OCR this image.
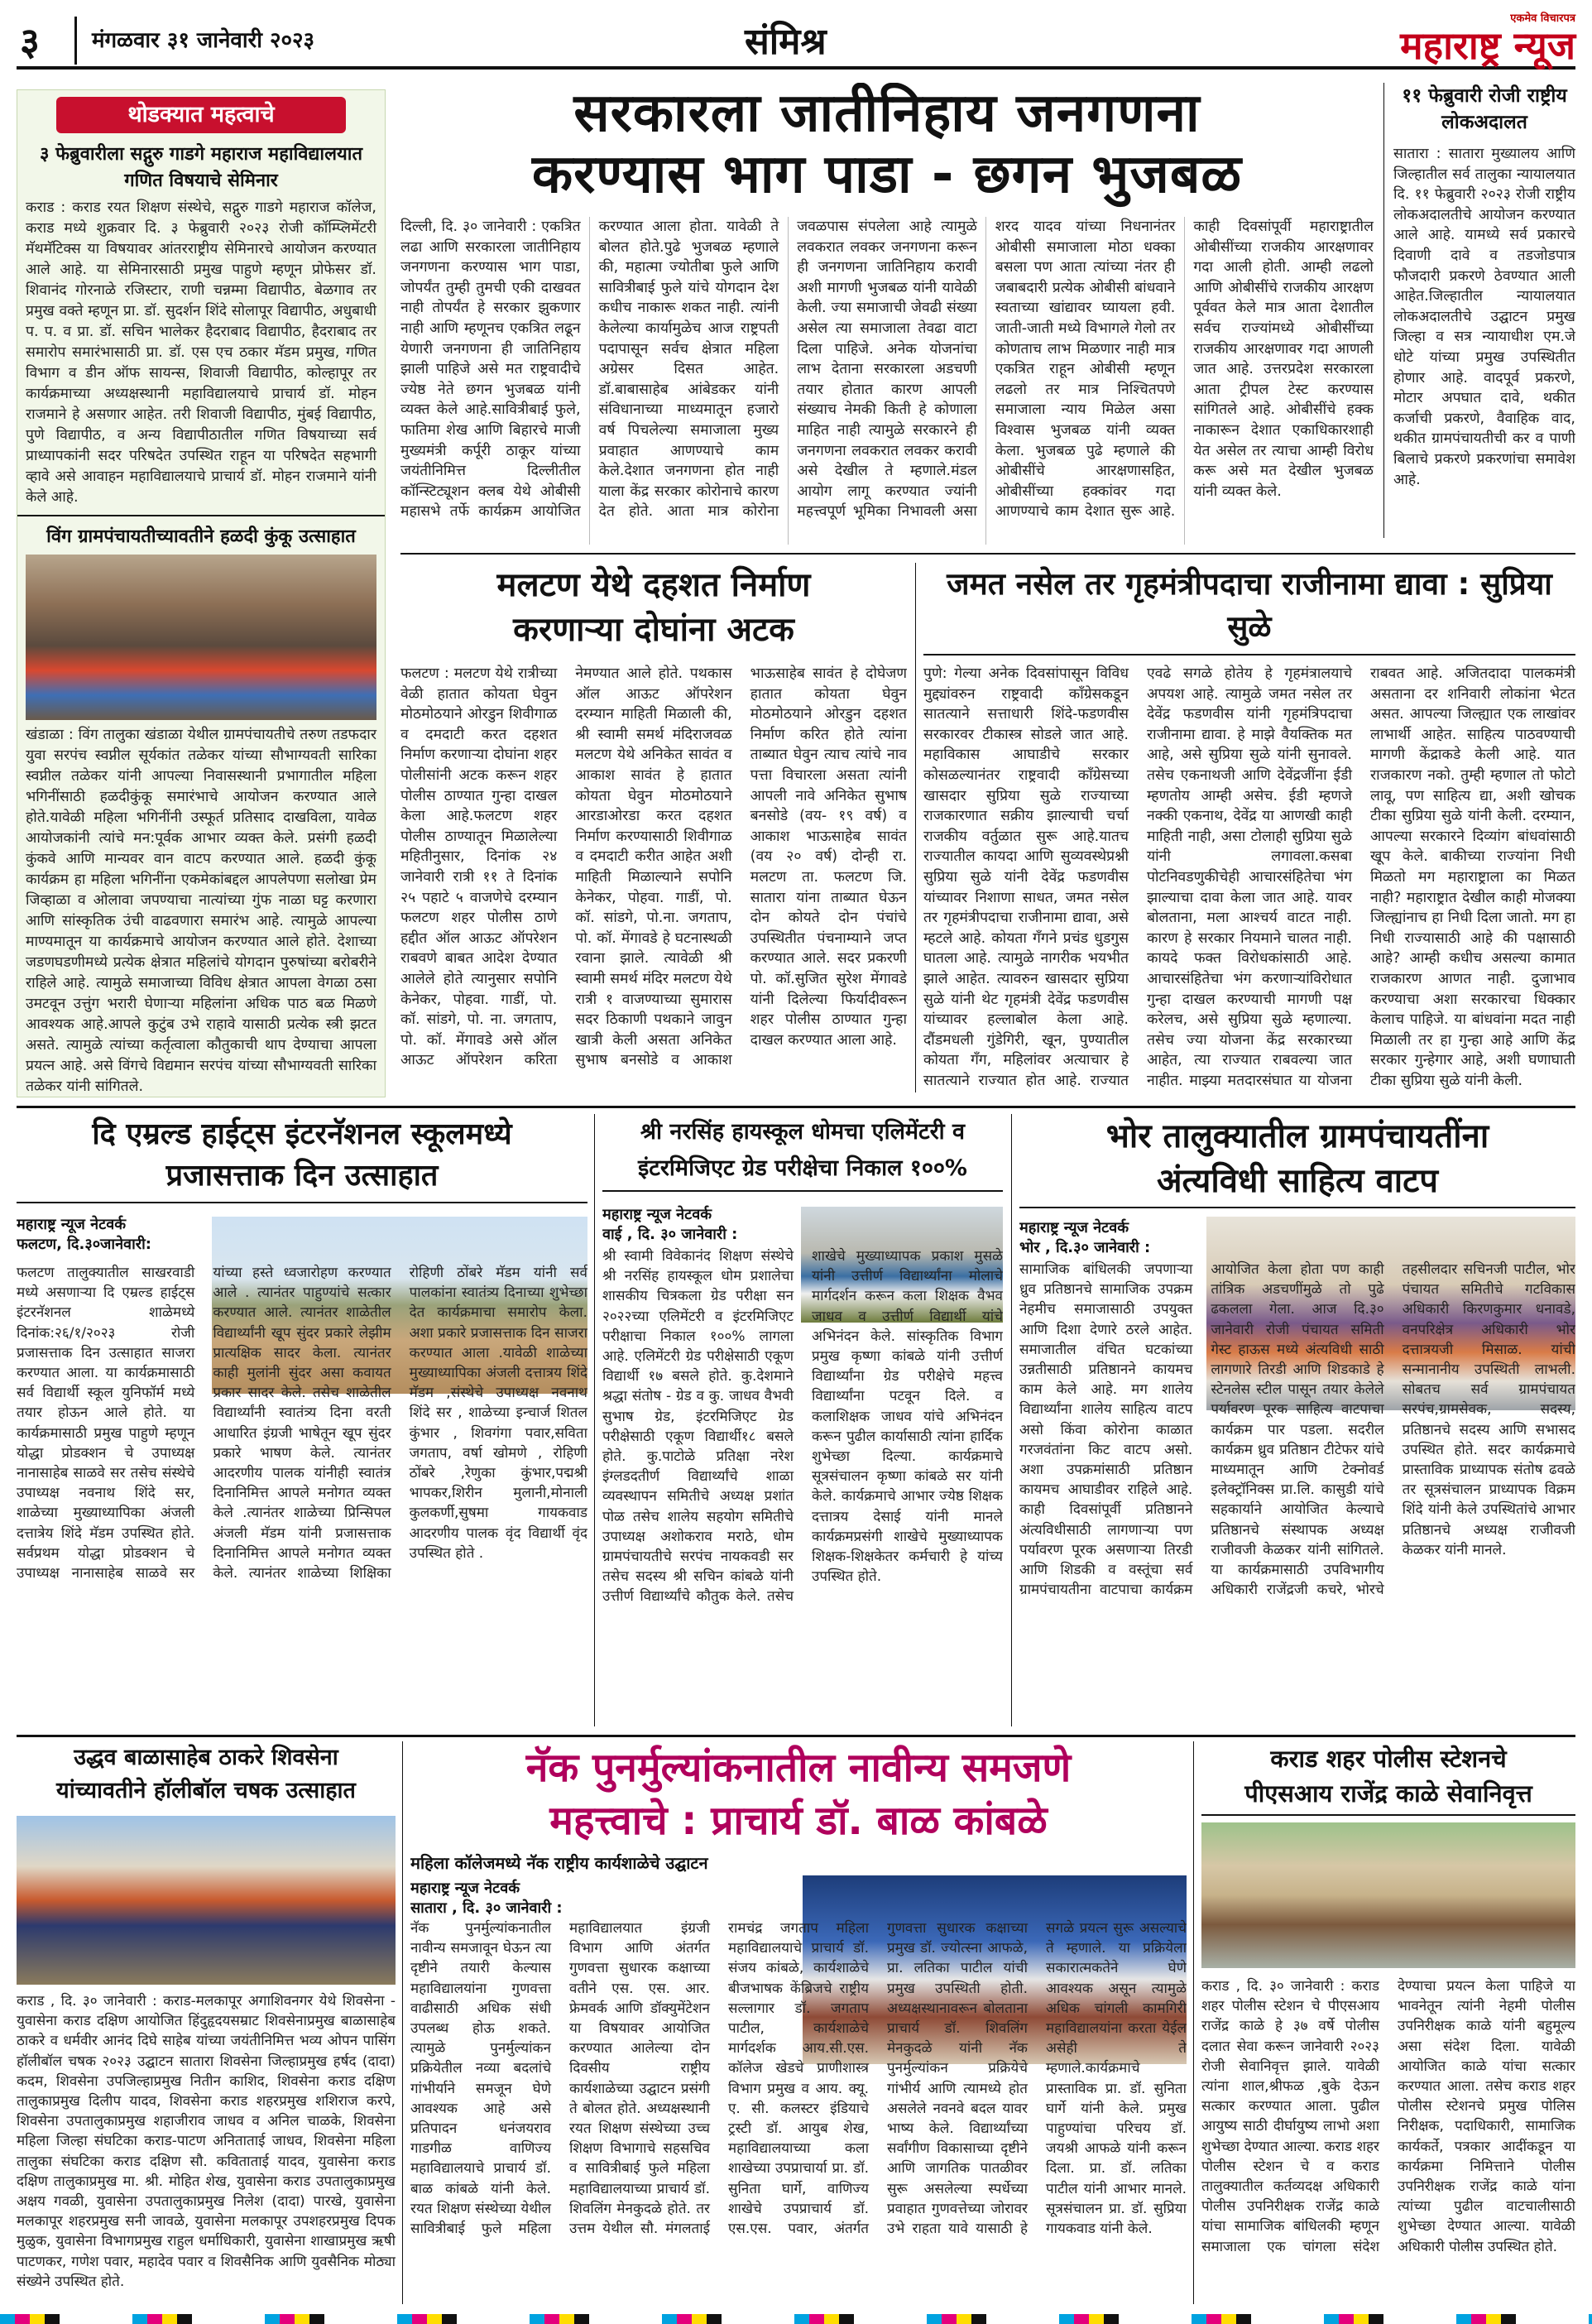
३	मंगळवार ३१ जानेवारी २०२३	संमिश्र
एकमेव विचारपत्र
महाराष्ट्र न्यूज
थोडक्यात महत्वाचे
३ फेब्रुवारीला सद्गुरु गाडगे महाराज महाविद्यालयात गणित विषयाचे सेमिनार
कराड : कराड रयत शिक्षण संस्थेचे, सद्गुरु गाडगे महाराज कॉलेज, कराड मध्ये शुक्रवार दि. ३ फेब्रुवारी २०२३ रोजी कॉम्प्लिमेंटरी मॅथमॅटिक्स या विषयावर आंतरराष्ट्रीय सेमिनारचे आयोजन करण्यात आले आहे. या सेमिनारसाठी प्रमुख पाहुणे म्हणून प्रोफेसर डॉ. शिवानंद गोरनाळे रजिस्टार, राणी चन्नम्मा विद्यापीठ, बेळगाव तर प्रमुख वक्ते म्हणून प्रा. डॉ. सुदर्शन शिंदे सोलापूर विद्यापीठ, अधुबाधी प. प. व प्रा. डॉ. सचिन भालेकर हैदराबाद विद्यापीठ, हैदराबाद तर समारोप समारंभासाठी प्रा. डॉ. एस एच ठकार मॅडम प्रमुख, गणित विभाग व डीन ऑफ सायन्स, शिवाजी विद्यापीठ, कोल्हापूर तर कार्यक्रमाच्या अध्यक्षस्थानी महाविद्यालयाचे प्राचार्य डॉ. मोहन राजमाने हे असणार आहेत. तरी शिवाजी विद्यापीठ, मुंबई विद्यापीठ, पुणे विद्यापीठ, व अन्य विद्यापीठातील गणित विषयाच्या सर्व प्राध्यापकांनी सदर परिषदेत उपस्थित राहून या परिषदेत सहभागी व्हावे असे आवाहन महाविद्यालयाचे प्राचार्य डॉ. मोहन राजमाने यांनी केले आहे.
विंग ग्रामपंचायतीच्यावतीने हळदी कुंकू उत्साहात
खंडाळा : विंग तालुका खंडाळा येथील ग्रामपंचायतीचे तरुण तडफदार युवा सरपंच स्वप्नील सूर्यकांत तळेकर यांच्या सौभाग्यवती सारिका स्वप्नील तळेकर यांनी आपल्या निवासस्थानी प्रभागातील महिला भगिनींसाठी हळदीकुंकू समारंभाचे आयोजन करण्यात आले होते.यावेळी महिला भगिनींनी उस्फूर्त प्रतिसाद दाखविला, यावेळ आयोजकांनी त्यांचे मन:पूर्वक आभार व्यक्त केले. प्रसंगी हळदी कुंकवे आणि मान्यवर वान वाटप करण्यात आले. हळदी कुंकू कार्यक्रम हा महिला भगिनींना एकमेकांबद्दल आपलेपणा सलोखा प्रेम जिव्हाळा व ओलावा जपण्याचा नात्यांच्या गुंफ नाळा घट्ट करणारा आणि सांस्कृतिक उंची वाढवणारा समारंभ आहे. त्यामुळे आपल्या माण्यमातून या कार्यक्रमाचे आयोजन करण्यात आले होते. देशाच्या जडणघडणीमध्ये प्रत्येक क्षेत्रात महिलांचे योगदान पुरुषांच्या बरोबरीने राहिले आहे. त्यामुळे समाजाच्या विविध क्षेत्रात आपला वेगळा ठसा उमटवून उत्तुंग भरारी घेणाऱ्या महिलांना अधिक पाठ बळ मिळणे आवश्यक आहे.आपले कुटुंब उभे राहावे यासाठी प्रत्येक स्त्री झटत असते. त्यामुळे त्यांच्या कर्तृत्वाला कौतुकाची थाप देण्याचा आपला प्रयत्न आहे. असे विंगचे विद्यमान सरपंच यांच्या सौभाग्यवती सारिका तळेकर यांनी सांगितले.
सरकारला जातीनिहाय जनगणना
करण्यास भाग पाडा - छगन भुजबळ
दिल्ली, दि. ३० जानेवारी : एकत्रित लढा आणि सरकारला जातीनिहाय जनगणना करण्यास भाग पाडा, जोपर्यंत तुम्ही तुमची एकी दाखवत नाही तोपर्यंत हे सरकार झुकणार नाही आणि म्हणूनच एकत्रित लढून येणारी जनगणना ही जातिनिहाय झाली पाहिजे असे मत राष्ट्रवादीचे ज्येष्ठ नेते छगन भुजबळ यांनी व्यक्त केले आहे.सावित्रीबाई फुले, फातिमा शेख आणि बिहारचे माजी मुख्यमंत्री कर्पूरी ठाकूर यांच्या जयंतीनिमित्त दिल्लीतील कॉन्स्टिट्यूशन क्लब येथे ओबीसी महासभे तर्फे कार्यक्रम आयोजित करण्यात आला होता. यावेळी ते बोलत होते.पुढे भुजबळ म्हणाले की, महात्मा ज्योतीबा फुले आणि सावित्रीबाई फुले यांचे योगदान देश कधीच नाकारू शकत नाही. त्यांनी केलेल्या कार्यामुळेच आज राष्ट्रपती पदापासून सर्वच क्षेत्रात महिला अग्रेसर दिसत आहेत. डॉ.बाबासाहेब आंबेडकर यांनी संविधानाच्या माध्यमातून हजारो वर्ष पिचलेल्या समाजाला मुख्य प्रवाहात आणण्याचे काम केले.देशात जनगणना होत नाही याला केंद्र सरकार कोरोनाचे कारण देत होते. आता मात्र कोरोना जवळपास संपलेला आहे त्यामुळे लवकरात लवकर जनगणना करून ही जनगणना जातिनिहाय करावी अशी मागणी भुजबळ यांनी यावेळी केली. ज्या समाजाची जेवढी संख्या असेल त्या समाजाला तेवढा वाटा दिला पाहिजे. अनेक योजनांचा लाभ देताना सरकारला अडचणी तयार होतात कारण आपली संख्याच नेमकी किती हे कोणाला माहित नाही त्यामुळे सरकारने ही जनगणना लवकरात लवकर करावी असे देखील ते म्हणाले.मंडल आयोग लागू करण्यात ज्यांनी महत्त्वपूर्ण भूमिका निभावली असा शरद यादव यांच्या निधनानंतर ओबीसी समाजाला मोठा धक्का बसला पण आता त्यांच्या नंतर ही जबाबदारी प्रत्येक ओबीसी बांधवाने स्वताच्या खांद्यावर घ्यायला हवी. जाती-जाती मध्ये विभागले गेलो तर कोणताच लाभ मिळणार नाही मात्र एकत्रित राहून ओबीसी म्हणून लढलो तर मात्र निश्चितपणे समाजाला न्याय मिळेल असा विश्वास भुजबळ यांनी व्यक्त केला. भुजबळ पुढे म्हणाले की ओबीसींचे आरक्षणासहित, ओबीसींच्या हक्कांवर गदा आणण्याचे काम देशात सुरू आहे. काही दिवसांपूर्वी महाराष्ट्रातील ओबीसींच्या राजकीय आरक्षणावर गदा आली होती. आम्ही लढलो आणि ओबीसींचे राजकीय आरक्षण पूर्ववत केले मात्र आता देशातील सर्वच राज्यांमध्ये ओबीसींच्या राजकीय आरक्षणावर गदा आणली जात आहे. उत्तरप्रदेश सरकारला आता ट्रीपल टेस्ट करण्यास सांगितले आहे. ओबीसींचे हक्क नाकारून देशात एकाधिकारशाही येत असेल तर त्याचा आम्ही विरोध करू असे मत देखील भुजबळ यांनी व्यक्त केले.
११ फेब्रुवारी रोजी राष्ट्रीय लोकअदालत
सातारा : सातारा मुख्यालय आणि जिल्हातील सर्व तालुका न्यायालयात दि. ११ फेब्रुवारी २०२३ रोजी राष्ट्रीय लोकअदालतीचे आयोजन करण्यात आले आहे. यामध्ये सर्व प्रकारचे दिवाणी दावे व तडजोडपात्र फौजदारी प्रकरणे ठेवण्यात आली आहेत.जिल्हातील न्यायालयात लोकअदालतीचे उद्घाटन प्रमुख जिल्हा व सत्र न्यायाधीश एम.जे धोटे यांच्या प्रमुख उपस्थितीत होणार आहे. वादपूर्व प्रकरणे, मोटार अपघात दावे, थकीत कर्जाची प्रकरणे, वैवाहिक वाद, थकीत ग्रामपंचायतीची कर व पाणी बिलाचे प्रकरणे प्रकरणांचा समावेश आहे.
मलटण येथे दहशत निर्माण
करणाऱ्या दोघांना अटक
फलटण : मलटण येथे रात्रीच्या वेळी हातात कोयता घेवुन मोठमोठयाने ओरडुन शिवीगाळ व दमदाटी करत दहशत निर्माण करणाऱ्या दोघांना शहर पोलीसांनी अटक करून शहर पोलीस ठाण्यात गुन्हा दाखल केला आहे.फलटण शहर पोलीस ठाण्यातून मिळालेल्या महितीनुसार, दिनांक २४ जानेवारी रात्री ११ ते दिनांक २५ पहाटे ५ वाजणेचे दरम्यान फलटण शहर पोलीस ठाणे हद्दीत ऑल आऊट ऑपरेशन राबवणे बाबत आदेश देण्यात आलेले होते त्यानुसार सपोनि केनेकर, पोहवा. गाडीं, पो. कॉ. सांडगे, पो. ना. जगताप, पो. कॉ. मेंगावडे असे ऑल आऊट ऑपरेशन करिता नेमण्यात आले होते. पथकास ऑल आऊट ऑपरेशन दरम्यान माहिती मिळाली की, श्री स्वामी समर्थ मंदिराजवळ मलटण येथे अनिकेत सावंत व आकाश सावंत हे हातात कोयता घेवुन मोठमोठयाने आरडाओरडा करत दहशत निर्माण करण्यासाठी शिवीगाळ व दमदाटी करीत आहेत अशी माहिती मिळाल्याने सपोनि केनेकर, पोहवा. गाडीं, पो. कॉ. सांडगे, पो.ना. जगताप, पो. कॉ. मेंगावडे हे घटनास्थळी रवाना झाले. त्यावेळी श्री स्वामी समर्थ मंदिर मलटण येथे रात्री १ वाजण्याच्या सुमारास सदर ठिकाणी पथकाने जावुन खात्री केली असता अनिकेत सुभाष बनसोडे व आकाश भाऊसाहेब सावंत हे दोघेजण हातात कोयता घेवुन मोठमोठयाने ओरडुन दहशत निर्माण करित होते त्यांना ताब्यात घेवुन त्याच त्यांचे नाव पत्ता विचारला असता त्यांनी आपली नावे अनिकेत सुभाष बनसोडे (वय- १९ वर्ष) व आकाश भाऊसाहेब सावंत (वय २० वर्ष) दोन्ही रा. मलटण ता. फलटण जि. सातारा यांना ताब्यात घेऊन दोन कोयते दोन पंचांचे उपस्थितीत पंचनाम्याने जप्त करण्यात आले. सदर प्रकरणी पो. कॉ.सुजित सुरेश मेंगावडे यांनी दिलेल्या फिर्यादीवरून शहर पोलीस ठाण्यात गुन्हा दाखल करण्यात आला आहे.
जमत नसेल तर गृहमंत्रीपदाचा राजीनामा द्यावा : सुप्रिया सुळे
पुणे: गेल्या अनेक दिवसांपासून विविध मुद्द्यांवरुन राष्ट्रवादी काँग्रेसकडून सातत्याने सत्ताधारी शिंदे-फडणवीस सरकारवर टीकास्त्र सोडले जात आहे. महाविकास आघाडीचे सरकार कोसळल्यानंतर राष्ट्रवादी काँग्रेसच्या खासदार सुप्रिया सुळे राज्याच्या राजकारणात सक्रीय झाल्याची चर्चा राजकीय वर्तुळात सुरू आहे.यातच राज्यातील कायदा आणि सुव्यवस्थेप्रश्नी सुप्रिया सुळे यांनी देवेंद्र फडणवीस यांच्यावर निशाणा साधत, जमत नसेल तर गृहमंत्रीपदाचा राजीनामा द्यावा, असे म्हटले आहे. कोयता गँगने प्रचंड धुडगुस घातला आहे. त्यामुळे नागरीक भयभीत झाले आहेत. त्यावरुन खासदार सुप्रिया सुळे यांनी थेट गृहमंत्री देवेंद्र फडणवीस यांच्यावर हल्लाबोल केला आहे. दौंडमधली गुंडेगिरी, खून, पुण्यातील कोयता गँग, महिलांवर अत्याचार हे सातत्याने राज्यात होत आहे. राज्यात एवढे सगळे होतेय हे गृहमंत्रालयाचे अपयश आहे. त्यामुळे जमत नसेल तर देवेंद्र फडणवीस यांनी गृहमंत्रिपदाचा राजीनामा द्यावा. हे माझे वैयक्तिक मत आहे, असे सुप्रिया सुळे यांनी सुनावले. तसेच एकनाथजी आणि देवेंद्रजींना ईडी म्हणतोय आम्ही असेच. ईडी म्हणजे नक्की एकनाथ, देवेंद्र या आणखी काही माहिती नाही, असा टोलाही सुप्रिया सुळे यांनी लगावला.कसबा पोटनिवडणुकीचेही आचारसंहितेचा भंग झाल्याचा दावा केला जात आहे. यावर बोलताना, मला आश्चर्य वाटत नाही. कारण हे सरकार नियमाने चालत नाही. कायदे फक्त विरोधकांसाठी आहे. आचारसंहितेचा भंग करणाऱ्यांविरोधात गुन्हा दाखल करण्याची मागणी पक्ष करेलच, असे सुप्रिया सुळे म्हणाल्या. तसेच ज्या योजना केंद्र सरकारच्या आहेत, त्या राज्यात राबवल्या जात नाहीत. माझ्या मतदारसंघात या योजना राबवत आहे. अजितदादा पालकमंत्री असताना दर शनिवारी लोकांना भेटत असत. आपल्या जिल्ह्यात एक लाखांवर लाभार्थी आहेत. साहित्य पाठवण्याची मागणी केंद्राकडे केली आहे. यात राजकारण नको. तुम्ही म्हणाल तो फोटो लावू, पण साहित्य द्या, अशी खोचक टीका सुप्रिया सुळे यांनी केली. दरम्यान, आपल्या सरकारने दिव्यांग बांधवांसाठी खूप केले. बाकीच्या राज्यांना निधी मिळतो मग महाराष्ट्राला का मिळत नाही? महाराष्ट्रात देखील काही मोजक्या जिल्ह्यांनाच हा निधी दिला जातो. मग हा निधी राज्यासाठी आहे की पक्षासाठी आहे? आम्ही कधीच असल्या कामात राजकारण आणत नाही. दुजाभाव करण्याचा अशा सरकारचा धिक्कार केलाच पाहिजे. या बांधवांना मदत नाही मिळाली तर हा गुन्हा आहे आणि केंद्र सरकार गुन्हेगार आहे, अशी घणाघाती टीका सुप्रिया सुळे यांनी केली.
दि एम्रल्ड हाईट्स इंटरनॅशनल स्कूलमध्ये
प्रजासत्ताक दिन उत्साहात
महाराष्ट्र न्यूज नेटवर्क
फलटण, दि.३०जानेवारी:
फलटण तालुक्यातील साखरवाडी मध्ये असणाऱ्या दि एम्रल्ड हाईट्स इंटरनॅशनल शाळेमध्ये दिनांक:२६/१/२०२३ रोजी प्रजासत्ताक दिन उत्साहात साजरा करण्यात आला. या कार्यक्रमासाठी सर्व विद्यार्थी स्कूल युनिफॉर्म मध्ये तयार होऊन आले होते. या कार्यक्रमासाठी प्रमुख पाहुणे म्हणून योद्धा प्रोडक्शन चे उपाध्यक्ष नानासाहेब साळवे सर तसेच संस्थेचे उपाध्यक्ष नवनाथ शिंदे सर, शाळेच्या मुख्याध्यापिका अंजली दत्तात्रेय शिंदे मॅडम उपस्थित होते. सर्वप्रथम योद्धा प्रोडक्शन चे उपाध्यक्ष नानासाहेब साळवे सर यांच्या हस्ते ध्वजारोहण करण्यात आले . त्यानंतर पाहुण्यांचे सत्कार करण्यात आले. त्यानंतर शाळेतील विद्यार्थ्यांनी खूप सुंदर प्रकारे लेझीम प्रात्यक्षिक सादर केला. त्यानंतर काही मुलांनी सुंदर असा कवायत प्रकार सादर केले. तसेच शाळेतील विद्यार्थ्यांनी स्वातंत्र्य दिना वरती आधारित इंग्रजी भाषेतून खूप सुंदर प्रकारे भाषण केले. त्यानंतर आदरणीय पालक यांनीही स्वातंत्र दिनानिमित्त आपले मनोगत व्यक्त केले .त्यानंतर शाळेच्या प्रिन्सिपल अंजली मॅडम यांनी प्रजासत्ताक दिनानिमित्त आपले मनोगत व्यक्त केले. त्यानंतर शाळेच्या शिक्षिका रोहिणी ठोंबरे मॅडम यांनी सर्व पालकांना स्वातंत्र्य दिनाच्या शुभेच्छा देत कार्यक्रमाचा समारोप केला. अशा प्रकारे प्रजासत्ताक दिन साजरा करण्यात आला .यावेळी शाळेच्या मुख्याध्यापिका अंजली दत्तात्रय शिंदे मॅडम ,संस्थेचे उपाध्यक्ष नवनाथ शिंदे सर , शाळेच्या इन्चार्ज शितल कुंभार , शिवगंगा पवार,सविता जगताप, वर्षा खोमणे , रोहिणी ठोंबरे ,रेणुका कुंभार,पद्मश्री भापकर,शिरीन मुलानी,मोनाली कुलकर्णी,सुषमा गायकवाड आदरणीय पालक वृंद विद्यार्थी वृंद उपस्थित होते .
श्री नरसिंह हायस्कूल धोमचा एलिमेंटरी व
इंटरमिजिएट ग्रेड परीक्षेचा निकाल १००%
महाराष्ट्र न्यूज नेटवर्क
वाई , दि. ३० जानेवारी :
श्री स्वामी विवेकानंद शिक्षण संस्थेचे श्री नरसिंह हायस्कूल धोम प्रशालेचा शासकीय चित्रकला ग्रेड परीक्षा सन २०२२च्या एलिमेंटरी व इंटरमिजिएट परीक्षाचा निकाल १००% लागला आहे. एलिमेंटरी ग्रेड परीक्षेसाठी एकूण विद्यार्थी १७ बसले होते. कु.देशमाने श्रद्धा संतोष - ग्रेड व कु. जाधव वैभवी सुभाष ग्रेड, इंटरमिजिएट ग्रेड परीक्षेसाठी एकूण विद्यार्थी१८ बसले होते. कु.पाटोळे प्रतिक्षा नरेश इंग्लडदतीर्ण विद्यार्थ्यांचे शाळा व्यवस्थापन समितीचे अध्यक्ष प्रशांत पोळ तसेच शालेय सहयोग समितीचे उपाध्यक्ष अशोकराव मराठे, धोम ग्रामपंचायतीचे सरपंच नायकवडी सर तसेच सदस्य श्री सचिन कांबळे यांनी उत्तीर्ण विद्यार्थ्यांचे कौतुक केले. तसेच शाखेचे मुख्याध्यापक प्रकाश मुसळे यांनी उत्तीर्ण विद्यार्थ्यांना मोलाचे मार्गदर्शन करून कला शिक्षक वैभव जाधव व उत्तीर्ण विद्यार्थी यांचे अभिनंदन केले. सांस्कृतिक विभाग प्रमुख कृष्णा कांबळे यांनी उत्तीर्ण विद्यार्थ्यांना ग्रेड परीक्षेचे महत्त्व विद्यार्थ्यांना पटवून दिले. व कलाशिक्षक जाधव यांचे अभिनंदन करून पुढील कार्यासाठी त्यांना हार्दिक शुभेच्छा दिल्या. कार्यक्रमाचे सूत्रसंचालन कृष्णा कांबळे सर यांनी केले. कार्यक्रमाचे आभार ज्येष्ठ शिक्षक दत्तात्रय देसाई यांनी मानले कार्यक्रमप्रसंगी शाखेचे मुख्याध्यापक शिक्षक-शिक्षकेतर कर्मचारी हे यांच्य उपस्थित होते.
भोर तालुक्यातील ग्रामपंचायतींना
अंत्यविधी साहित्य वाटप
महाराष्ट्र न्यूज नेटवर्क
भोर , दि.३० जानेवारी :
सामाजिक बांधिलकी जपणाऱ्या ध्रुव प्रतिष्ठानचे सामाजिक उपक्रम नेहमीच समाजासाठी उपयुक्त आणि दिशा देणारे ठरले आहेत. समाजातील वंचित घटकांच्या उन्नतीसाठी प्रतिष्ठानने कायमच काम केले आहे. मग शालेय विद्यार्थ्यांना शालेय साहित्य वाटप असो किंवा कोरोना काळात गरजवंतांना किट वाटप असो. अशा उपक्रमांसाठी प्रतिष्ठान कायमच आघाडीवर राहिले आहे. काही दिवसांपूर्वी प्रतिष्ठानने अंत्यविधीसाठी लागणाऱ्या पण पर्यावरण पूरक असणाऱ्या तिरडी आणि शिडकी व वस्तूंचा सर्व ग्रामपंचायतीना वाटपाचा कार्यक्रम आयोजित केला होता पण काही तांत्रिक अडचणींमुळे तो पुढे ढकलला गेला. आज दि.३० जानेवारी रोजी पंचायत समिती गेस्ट हाऊस मध्ये अंत्यविधी साठी लागणारे तिरडी आणि शिडकाडे हे स्टेनलेस स्टील पासून तयार केलेले पर्यावरण पूरक साहित्य वाटपाचा कार्यक्रम पार पडला. सदरील कार्यक्रम ध्रुव प्रतिष्ठान टीटेफर यांचे माध्यमातून आणि टेक्नोवर्ड इलेक्ट्रॉनिक्स प्रा.लि. कासुडी यांचे सहकार्याने आयोजित केल्याचे प्रतिष्ठानचे संस्थापक अध्यक्ष राजीवजी केळकर यांनी सांगितले. या कार्यक्रमासाठी उपविभागीय अधिकारी राजेंद्रजी कचरे, भोरचे तहसीलदार सचिनजी पाटील, भोर पंचायत समितीचे गटविकास अधिकारी किरणकुमार धनावडे, वनपरिक्षेत्र अधिकारी भोर दत्तात्रयजी मिसाळ. यांची सन्मानानीय उपस्थिती लाभली. सोबतच सर्व ग्रामपंचायत सरपंच,ग्रामसेवक, सदस्य, प्रतिष्ठानचे सदस्य आणि सभासद उपस्थित होते. सदर कार्यक्रमाचे प्रास्ताविक प्राध्यापक संतोष ढवळे तर सूत्रसंचालन प्राध्यापक विक्रम शिंदे यांनी केले उपस्थितांचे आभार प्रतिष्ठानचे अध्यक्ष राजीवजी केळकर यांनी मानले.
उद्धव बाळासाहेब ठाकरे शिवसेना
यांच्यावतीने हॉलीबॉल चषक उत्साहात
कराड , दि. ३० जानेवारी : कराड-मलकापूर अगाशिवनगर येथे शिवसेना - युवासेना कराड दक्षिण आयोजित हिंदुहृदयसम्राट शिवसेनाप्रमुख बाळासाहेब ठाकरे व धर्मवीर आनंद दिघे साहेब यांच्या जयंतीनिमित्त भव्य ओपन पासिंग हॉलीबॉल चषक २०२३ उद्घाटन सातारा शिवसेना जिल्हाप्रमुख हर्षद (दादा) कदम, शिवसेना उपजिल्हाप्रमुख नितीन काशिद, शिवसेना कराड दक्षिण तालुकाप्रमुख दिलीप यादव, शिवसेना कराड शहरप्रमुख शशिराज करपे, शिवसेना उपतालुकाप्रमुख शहाजीराव जाधव व अनिल चाळके, शिवसेना महिला जिल्हा संघटिका कराड-पाटण अनिताताई जाधव, शिवसेना महिला तालुका संघटिका कराड दक्षिण सौ. कविताताई यादव, युवासेना कराड दक्षिण तालुकाप्रमुख मा. श्री. मोहित शेख, युवासेना कराड उपतालुकाप्रमुख अक्षय गवळी, युवासेना उपतालुकाप्रमुख निलेश (दादा) पारखे, युवासेना मलकापूर शहरप्रमुख सनी जावळे, युवासेना मलकापूर उपशहरप्रमुख दिपक मुळुक, युवासेना विभागप्रमुख राहुल धर्माधिकारी, युवासेना शाखाप्रमुख ऋषी पाटणकर, गणेश पवार, महादेव पवार व शिवसैनिक आणि युवसैनिक मोठ्या संख्येने उपस्थित होते.
नॅक पुनर्मुल्यांकनातील नावीन्य समजणे
महत्त्वाचे : प्राचार्य डॉ. बाळ कांबळे
महिला कॉलेजमध्ये नॅक राष्ट्रीय कार्यशाळेचे उद्घाटन
महाराष्ट्र न्यूज नेटवर्क
सातारा , दि. ३० जानेवारी :
नॅक पुनर्मुल्यांकनातील नावीन्य समजावून घेऊन त्या दृष्टीने तयारी केल्यास महाविद्यालयांना गुणवत्ता वाढीसाठी अधिक संधी उपलब्ध होऊ शकते. त्यामुळे पुनर्मुल्यांकन प्रक्रियेतील नव्या बदलांचे गांभीर्याने समजून घेणे आवश्यक आहे असे प्रतिपादन धनंजयराव गाडगीळ वाणिज्य महाविद्यालयाचे प्राचार्य डॉ. बाळ कांबळे यांनी केले. रयत शिक्षण संस्थेच्या येथील सावित्रीबाई फुले महिला महाविद्यालयात इंग्रजी विभाग आणि अंतर्गत गुणवत्ता सुधारक कक्षाच्या वतीने एस. एस. आर. फ्रेमवर्क आणि डॉक्युमेंटेशन या विषयावर आयोजित करण्यात आलेल्या दोन दिवसीय राष्ट्रीय कार्यशाळेच्या उद्घाटन प्रसंगी ते बोलत होते. अध्यक्षस्थानी रयत शिक्षण संस्थेच्या उच्च शिक्षण विभागाचे सहसचिव व सावित्रीबाई फुले महिला महाविद्यालयाच्या प्राचार्य डॉ. शिवलिंग मेनकुदळे होते. तर उत्तम येथील सौ. मंगलताई रामचंद्र जगताप महिला महाविद्यालयाचे प्राचार्य डॉ. संजय कांबळे, कार्यशाळेचे बीजभाषक केंब्रिजचे राष्ट्रीय सल्लागार डॉ. जगताप पाटील, कार्यशाळेचे मार्गदर्शक आय.सी.एस. कॉलेज खेडचे प्राणीशास्त्र विभाग प्रमुख व आय. क्यू. ए. सी. कलस्टर इंडियाचे ट्रस्टी डॉ. आयुब शेख, महाविद्यालयाच्या कला शाखेच्या उपप्राचार्या प्रा. डॉ. सुनिता घार्गे, वाणिज्य शाखेचे उपप्राचार्य डॉ. एस.एस. पवार, अंतर्गत गुणवत्ता सुधारक कक्षाच्या प्रमुख डॉ. ज्योत्स्ना आफळे, प्रा. लतिका पाटील यांची प्रमुख उपस्थिती होती. अध्यक्षस्थानावरून बोलताना प्राचार्य डॉ. शिवलिंग मेनकुदळे यांनी नॅक पुनर्मुल्यांकन प्रक्रियेचे गांभीर्य आणि त्यामध्ये होत असलेले नवनवे बदल यावर भाष्य केले. विद्यार्थ्यांच्या सर्वांगीण विकासाच्या दृष्टीने आणि जागतिक पातळीवर सुरू असलेल्या स्पर्धेच्या प्रवाहात गुणवत्तेच्या जोरावर उभे राहता यावे यासाठी हे सगळे प्रयत्न सुरू असल्याचे ते म्हणाले. या प्रक्रियेला सकारात्मकतेने घेणे आवश्यक असून त्यामुळे अधिक चांगली कामगिरी महाविद्यालयांना करता येईल असेही ते म्हणाले.कार्यक्रमाचे प्रास्ताविक प्रा. डॉ. सुनिता घार्गे यांनी केले. प्रमुख पाहुण्यांचा परिचय डॉ. जयश्री आफळे यांनी करून दिला. प्रा. डॉ. लतिका पाटील यांनी आभार मानले. सूत्रसंचालन प्रा. डॉ. सुप्रिया गायकवाड यांनी केले.
कराड शहर पोलीस स्टेशनचे
पीएसआय राजेंद्र काळे सेवानिवृत्त
कराड , दि. ३० जानेवारी : कराड शहर पोलीस स्टेशन चे पीएसआय राजेंद्र काळे हे ३७ वर्षे पोलीस दलात सेवा करून जानेवारी २०२३ रोजी सेवानिवृत्त झाले. यावेळी त्यांना शाल,श्रीफळ ,बुके देऊन सत्कार करण्यात आला. पुढील आयुष्य साठी दीर्घायुष्य लाभो अशा शुभेच्छा देण्यात आल्या. कराड शहर पोलीस स्टेशन चे व कराड तालुक्यातील कर्तव्यदक्ष अधिकारी पोलीस उपनिरीक्षक राजेंद्र काळे यांचा सामाजिक बांधिलकी म्हणून समाजाला एक चांगला संदेश देण्याचा प्रयत्न केला पाहिजे या भावनेतून त्यांनी नेहमी पोलीस उपनिरीक्षक काळे यांनी बहुमूल्य असा संदेश दिला. यावेळी आयोजित काळे यांचा सत्कार करण्यात आला. तसेच कराड शहर पोलीस स्टेशनचे प्रमुख पोलिस निरीक्षक, पदाधिकारी, सामाजिक कार्यकर्ते, पत्रकार आदींकडून या कार्यक्रमा निमित्ताने पोलीस उपनिरीक्षक राजेंद्र काळे यांना त्यांच्या पुढील वाटचालीसाठी शुभेच्छा देण्यात आल्या. यावेळी अधिकारी पोलीस उपस्थित होते.
